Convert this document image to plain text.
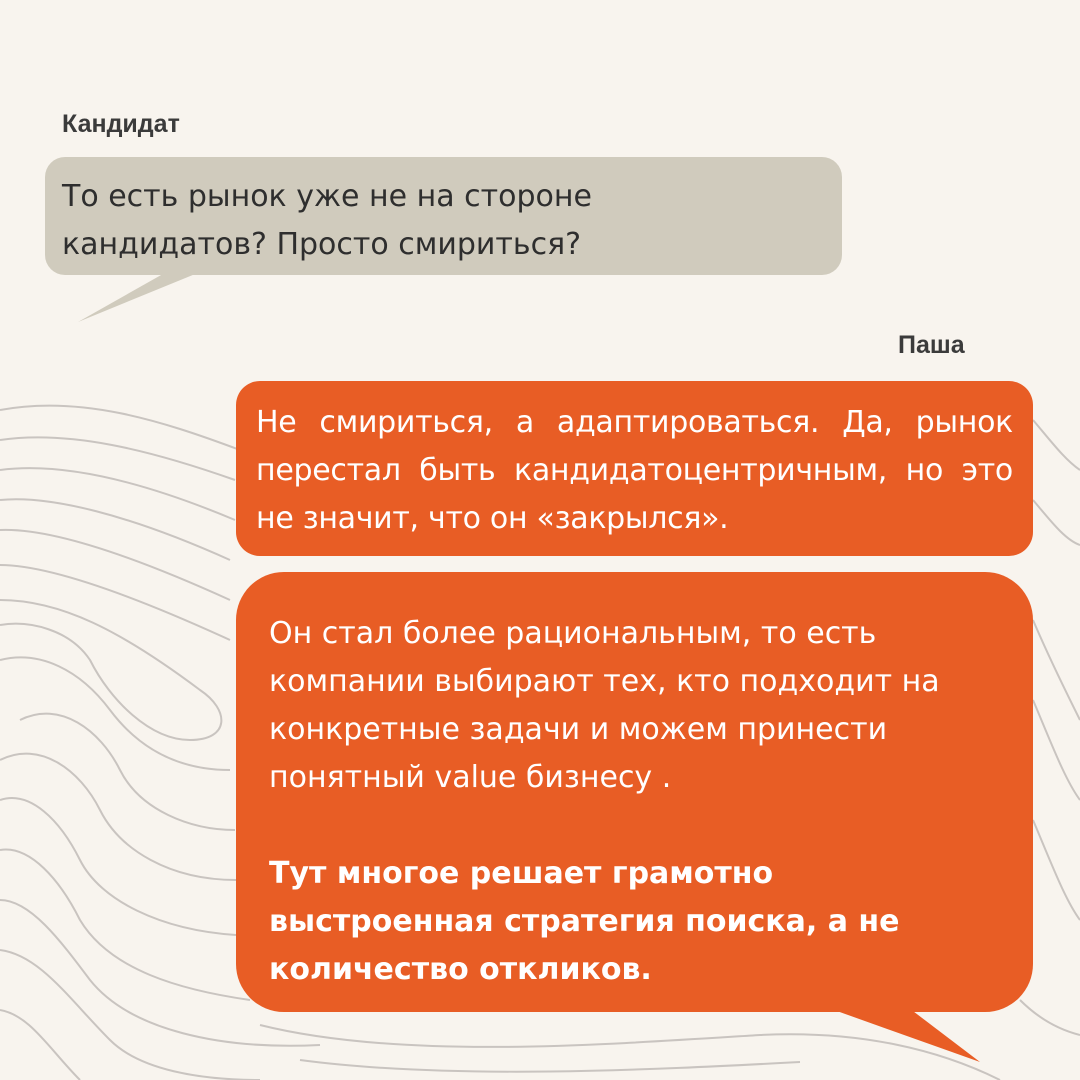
Кандидат
То есть рынок уже не на стороне
кандидатов? Просто смириться?
Паша
Не смириться, а адаптироваться. Да, рынок перестал быть кандидатоцентричным, но это не значит, что он «закрылся».

Он стал более рациональным, то есть

компании выбирают тех, кто подходит на

конкретные задачи и можем принести

понятный value бизнесу .

Тут многое решает грамотно

выстроенная стратегия поиска, а не

количество откликов.
